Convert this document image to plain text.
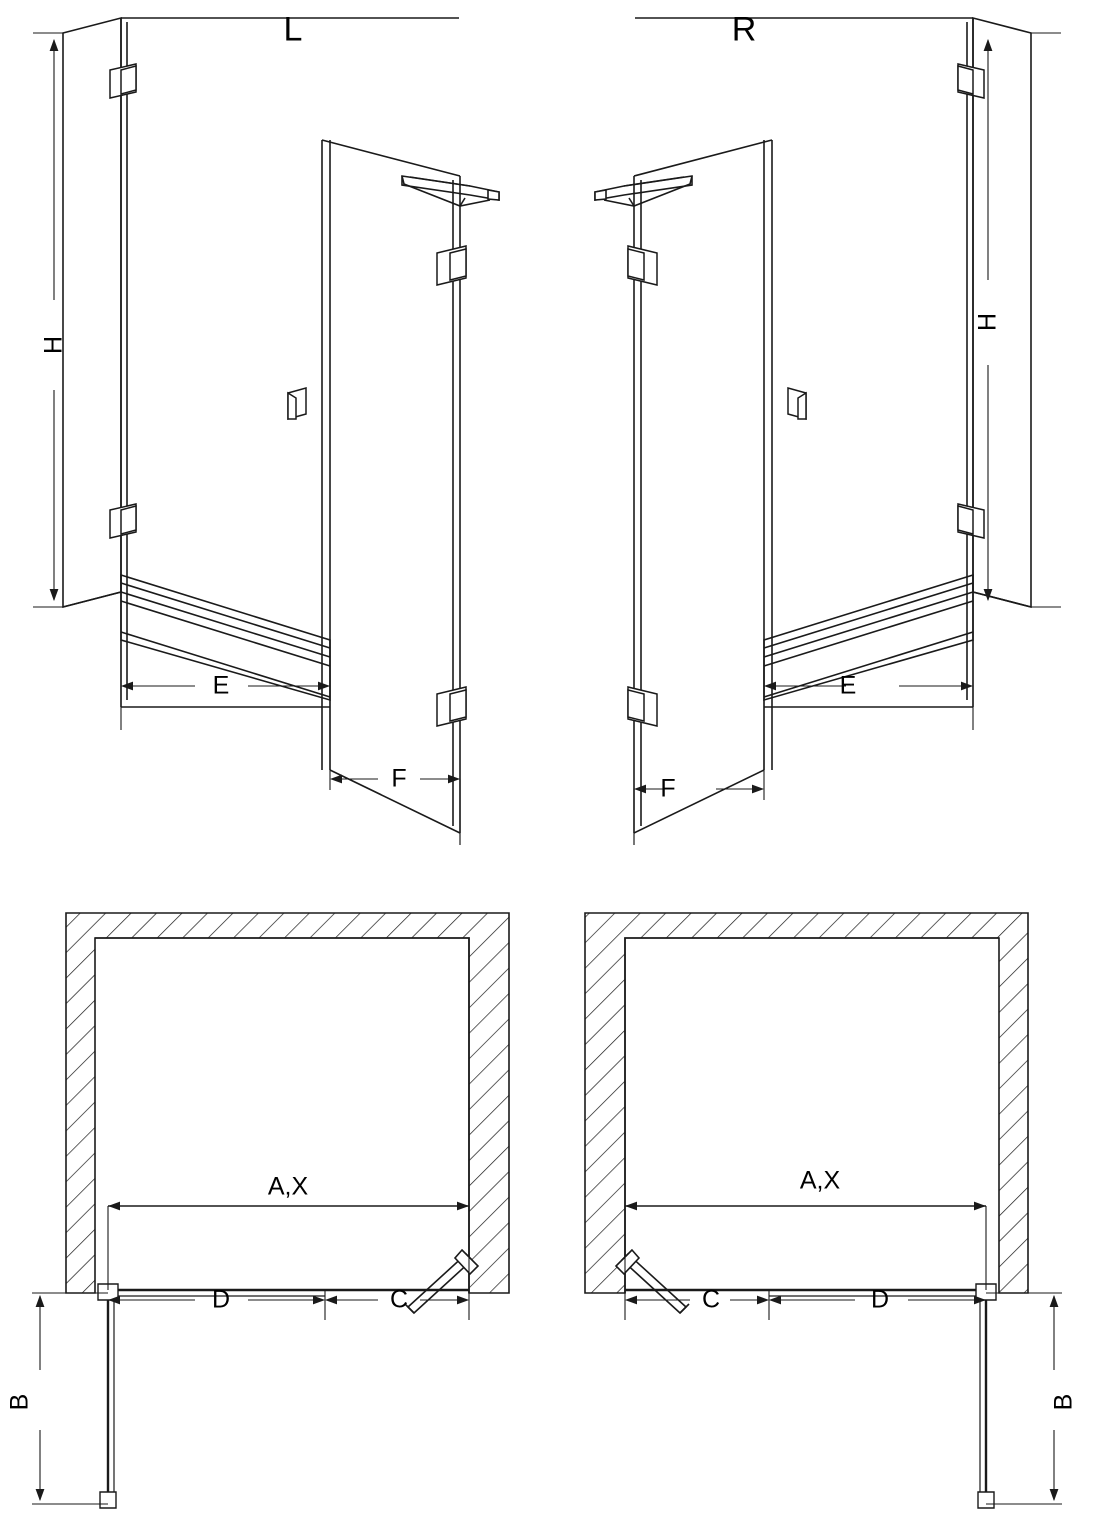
L	R
H
H
E
F
E
F
A,X	A,X
D	C	C	D
B	B
